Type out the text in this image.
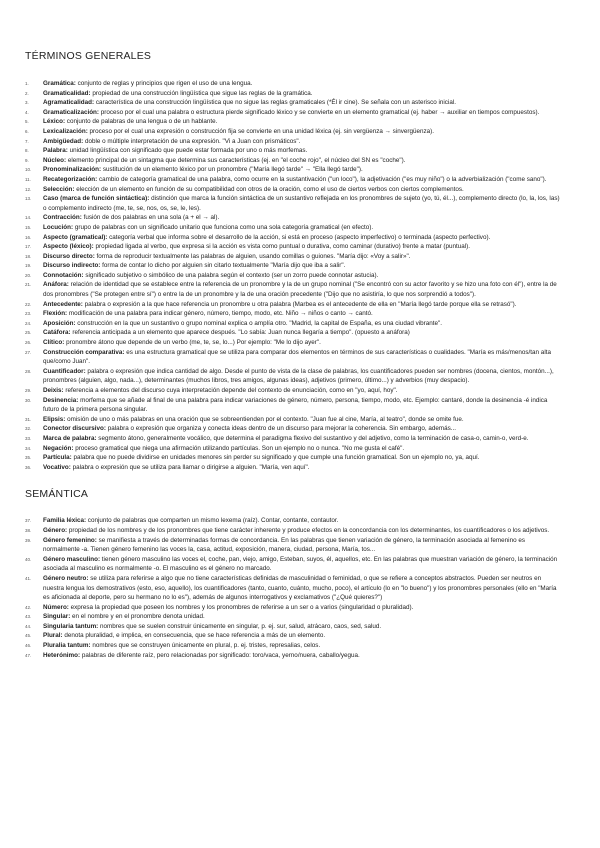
TÉRMINOS GENERALES
1.	Gramática: conjunto de reglas y principios que rigen el uso de una lengua.
2.	Gramaticalidad: propiedad de una construcción lingüística que sigue las reglas de la gramática.
3.	Agramaticalidad: característica de una construcción lingüística que no sigue las reglas gramaticales (*Él ir cine). Se señala con un asterisco inicial.
4.	Gramaticalización: proceso por el cual una palabra o estructura pierde significado léxico y se convierte en un elemento gramatical (ej. haber → auxiliar en tiempos compuestos).
5.	Léxico: conjunto de palabras de una lengua o de un hablante.
6.	Lexicalización: proceso por el cual una expresión o construcción fija se convierte en una unidad léxica (ej. sin vergüenza → sinvergüenza).
7.	Ambigüedad: doble o múltiple interpretación de una expresión. "Vi a Juan con prismáticos".
8.	Palabra: unidad lingüística con significado que puede estar formada por uno o más morfemas.
9.	Núcleo: elemento principal de un sintagma que determina sus características (ej. en "el coche rojo", el núcleo del SN es "coche").
10.	Pronominalización: sustitución de un elemento léxico por un pronombre ("María llegó tarde" → "Ella llegó tarde").
11.	Recategorización: cambio de categoría gramatical de una palabra, como ocurre en la sustantivación ("un loco"), la adjetivación ("es muy niño") o la adverbialización ("come sano").
12.	Selección: elección de un elemento en función de su compatibilidad con otros de la oración, como el uso de ciertos verbos con ciertos complementos.
13.	Caso (marca de función sintáctica): distinción que marca la función sintáctica de un sustantivo reflejada en los pronombres de sujeto (yo, tú, él...), complemento directo (lo, la, los, las) o complemento indirecto (me, te, se, nos, os, se, le, les).
14.	Contracción: fusión de dos palabras en una sola (a + el → al).
15.	Locución: grupo de palabras con un significado unitario que funciona como una sola categoría gramatical (en efecto).
16.	Aspecto (gramatical): categoría verbal que informa sobre el desarrollo de la acción, si está en proceso (aspecto imperfectivo) o terminada (aspecto perfectivo).
17.	Aspecto (léxico): propiedad ligada al verbo, que expresa si la acción es vista como puntual o durativa, como caminar (durativo) frente a matar (puntual).
18.	Discurso directo: forma de reproducir textualmente las palabras de alguien, usando comillas o guiones. "María dijo: «Voy a salir»".
19.	Discurso indirecto: forma de contar lo dicho por alguien sin citarlo textualmente "María dijo que iba a salir".
20.	Connotación: significado subjetivo o simbólico de una palabra según el contexto (ser un zorro puede connotar astucia).
21.	Anáfora: relación de identidad que se establece entre la referencia de un pronombre y la de un grupo nominal ("Se encontró con su actor favorito y se hizo una foto con él"), entre la de dos pronombres ("Se protegen entre sí") o entre la de un pronombre y la de una oración precedente ("Dijo que no asistiría, lo que nos sorprendió a todos").
22.	Antecedente: palabra o expresión a la que hace referencia un pronombre u otra palabra (Marbea es el antecedente de ella en "María llegó tarde porque ella se retrasó").
23.	Flexión: modificación de una palabra para indicar género, número, tiempo, modo, etc. Niño → niños o canto → cantó.
24.	Aposición: construcción en la que un sustantivo o grupo nominal explica o amplía otro. "Madrid, la capital de España, es una ciudad vibrante".
25.	Catáfora: referencia anticipada a un elemento que aparece después. "Lo sabía: Juan nunca llegaría a tiempo". (opuesto a anáfora)
26.	Clítico: pronombre átono que depende de un verbo (me, te, se, lo...) Por ejemplo: "Me lo dijo ayer".
27.	Construcción comparativa: es una estructura gramatical que se utiliza para comparar dos elementos en términos de sus características o cualidades. "María es más/menos/tan alta que/como Juan".
28.	Cuantificador: palabra o expresión que indica cantidad de algo. Desde el punto de vista de la clase de palabras, los cuantificadores pueden ser nombres (docena, cientos, montón...), pronombres (alguien, algo, nada...), determinantes (muchos libros, tres amigos, algunas ideas), adjetivos (primero, último...) y adverbios (muy despacio).
29.	Deixis: referencia a elementos del discurso cuya interpretación depende del contexto de enunciación, como en "yo, aquí, hoy".
30.	Desinencia: morfema que se añade al final de una palabra para indicar variaciones de género, número, persona, tiempo, modo, etc. Ejemplo: cantaré, donde la desinencia -é indica futuro de la primera persona singular.
31.	Elipsis: omisión de uno o más palabras en una oración que se sobreentienden por el contexto. "Juan fue al cine, María, al teatro", donde se omite fue.
32.	Conector discursivo: palabra o expresión que organiza y conecta ideas dentro de un discurso para mejorar la coherencia. Sin embargo, además...
33.	Marca de palabra: segmento átono, generalmente vocálico, que determina el paradigma flexivo del sustantivo y del adjetivo, como la terminación de casa-o, camin-o, verd-e.
34.	Negación: proceso gramatical que niega una afirmación utilizando partículas. Son un ejemplo no o nunca. "No me gusta el café".
35.	Partícula: palabra que no puede dividirse en unidades menores sin perder su significado y que cumple una función gramatical. Son un ejemplo no, ya, aquí.
36.	Vocativo: palabra o expresión que se utiliza para llamar o dirigirse a alguien. "María, ven aquí".
SEMÁNTICA
37.	Familia léxica: conjunto de palabras que comparten un mismo lexema (raíz). Contar, contante, contautor.
38.	Género: propiedad de los nombres y de los pronombres que tiene carácter inherente y produce efectos en la concordancia con los determinantes, los cuantificadores o los adjetivos.
39.	Género femenino: se manifiesta a través de determinadas formas de concordancia. En las palabras que tienen variación de género, la terminación asociada al femenino es normalmente -a. Tienen género femenino las voces la, casa, actitud, exposición, manera, ciudad, persona, María, tos...
40.	Género masculino: tienen género masculino las voces el, coche, pan, viejo, amigo, Esteban, suyos, él, aquellos, etc. En las palabras que muestran variación de género, la terminación asociada al masculino es normalmente -o. El masculino es el género no marcado.
41.	Género neutro: se utiliza para referirse a algo que no tiene características definidas de masculinidad o feminidad, o que se refiere a conceptos abstractos. Pueden ser neutros en nuestra lengua los demostrativos (esto, eso, aquello), los cuantificadores (tanto, cuanto, cuánto, mucho, poco), el artículo (lo en "lo bueno") y los pronombres personales (ello en "María es aficionada al deporte, pero su hermano no lo es"), además de algunos interrogativos y exclamativos ("¿Qué quieres?")
42.	Número: expresa la propiedad que poseen los nombres y los pronombres de referirse a un ser o a varios (singularidad o pluralidad).
43.	Singular: en el nombre y en el pronombre denota unidad.
44.	Singularia tantum: nombres que se suelen construir únicamente en singular, p. ej. sur, salud, atrácaro, caos, sed, salud.
45.	Plural: denota pluralidad, e implica, en consecuencia, que se hace referencia a más de un elemento.
46.	Pluralia tantum: nombres que se construyen únicamente en plural, p. ej. tristes, represalias, celos.
47.	Heterónimo: palabras de diferente raíz, pero relacionadas por significado: toro/vaca, yerno/nuera, caballo/yegua.
